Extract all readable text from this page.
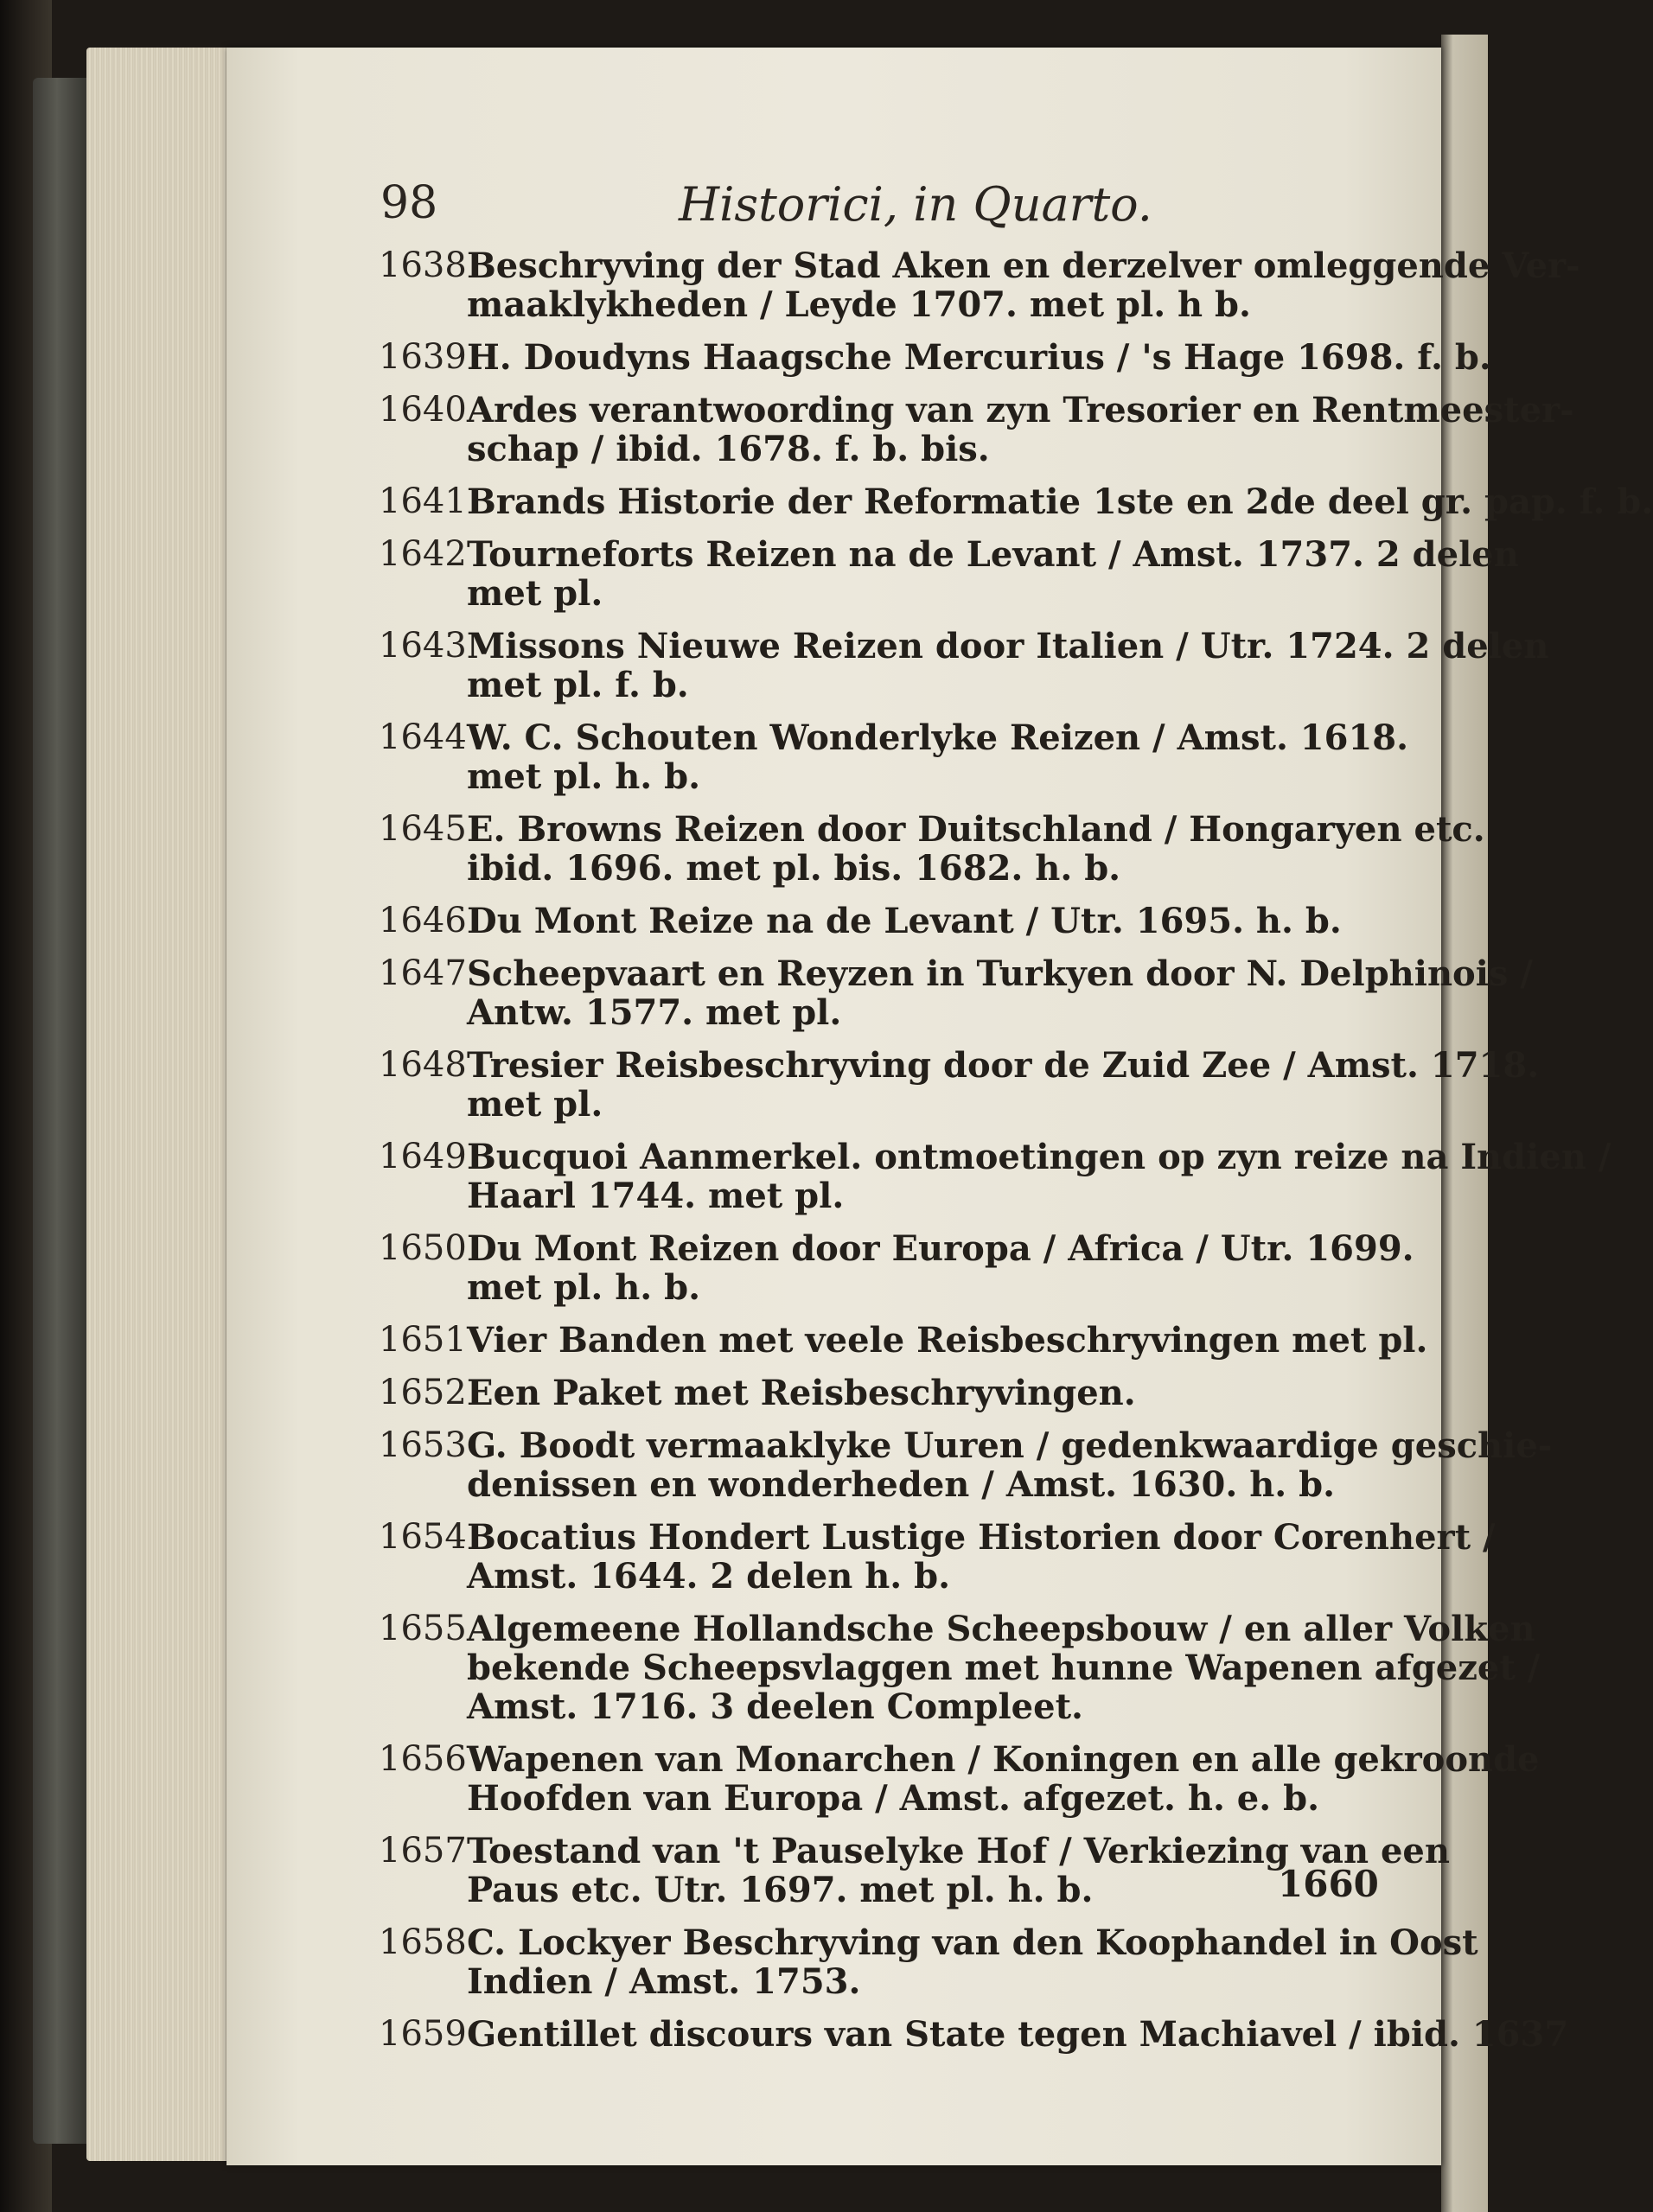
98	Historici, in Quarto.
1638 Beschryving der Stad Aken en derzelver omleggende Ver-
maaklykheden / Leyde 1707. met pl. h b.
1639 H. Doudyns Haagsche Mercurius / 's Hage 1698. f. b.
1640 Ardes verantwoording van zyn Tresorier en Rentmeester-
schap / ibid. 1678. f. b. bis.
1641 Brands Historie der Reformatie 1ste en 2de deel gr. pap. f. b.
1642 Tourneforts Reizen na de Levant / Amst. 1737. 2 delen
met pl.
1643 Missons Nieuwe Reizen door Italien / Utr. 1724. 2 delen
met pl. f. b.
1644 W. C. Schouten Wonderlyke Reizen / Amst. 1618.
met pl. h. b.
1645 E. Browns Reizen door Duitschland / Hongaryen etc.
ibid. 1696. met pl. bis. 1682. h. b.
1646 Du Mont Reize na de Levant / Utr. 1695. h. b.
1647 Scheepvaart en Reyzen in Turkyen door N. Delphinois /
Antw. 1577. met pl.
1648 Tresier Reisbeschryving door de Zuid Zee / Amst. 1718.
met pl.
1649 Bucquoi Aanmerkel. ontmoetingen op zyn reize na Indien /
Haarl 1744. met pl.
1650 Du Mont Reizen door Europa / Africa / Utr. 1699.
met pl. h. b.
1651 Vier Banden met veele Reisbeschryvingen met pl.
1652 Een Paket met Reisbeschryvingen.
1653 G. Boodt vermaaklyke Uuren / gedenkwaardige geschie-
denissen en wonderheden / Amst. 1630. h. b.
1654 Bocatius Hondert Lustige Historien door Corenhert /
Amst. 1644. 2 delen h. b.
1655 Algemeene Hollandsche Scheepsbouw / en aller Volken
bekende Scheepsvlaggen met hunne Wapenen afgezet /
Amst. 1716. 3 deelen Compleet.
1656 Wapenen van Monarchen / Koningen en alle gekroonde
Hoofden van Europa / Amst. afgezet. h. e. b.
1657 Toestand van 't Pauselyke Hof / Verkiezing van een
Paus etc. Utr. 1697. met pl. h. b.
1658 C. Lockyer Beschryving van den Koophandel in Oost
Indien / Amst. 1753.
1659 Gentillet discours van State tegen Machiavel / ibid. 1637
1660
